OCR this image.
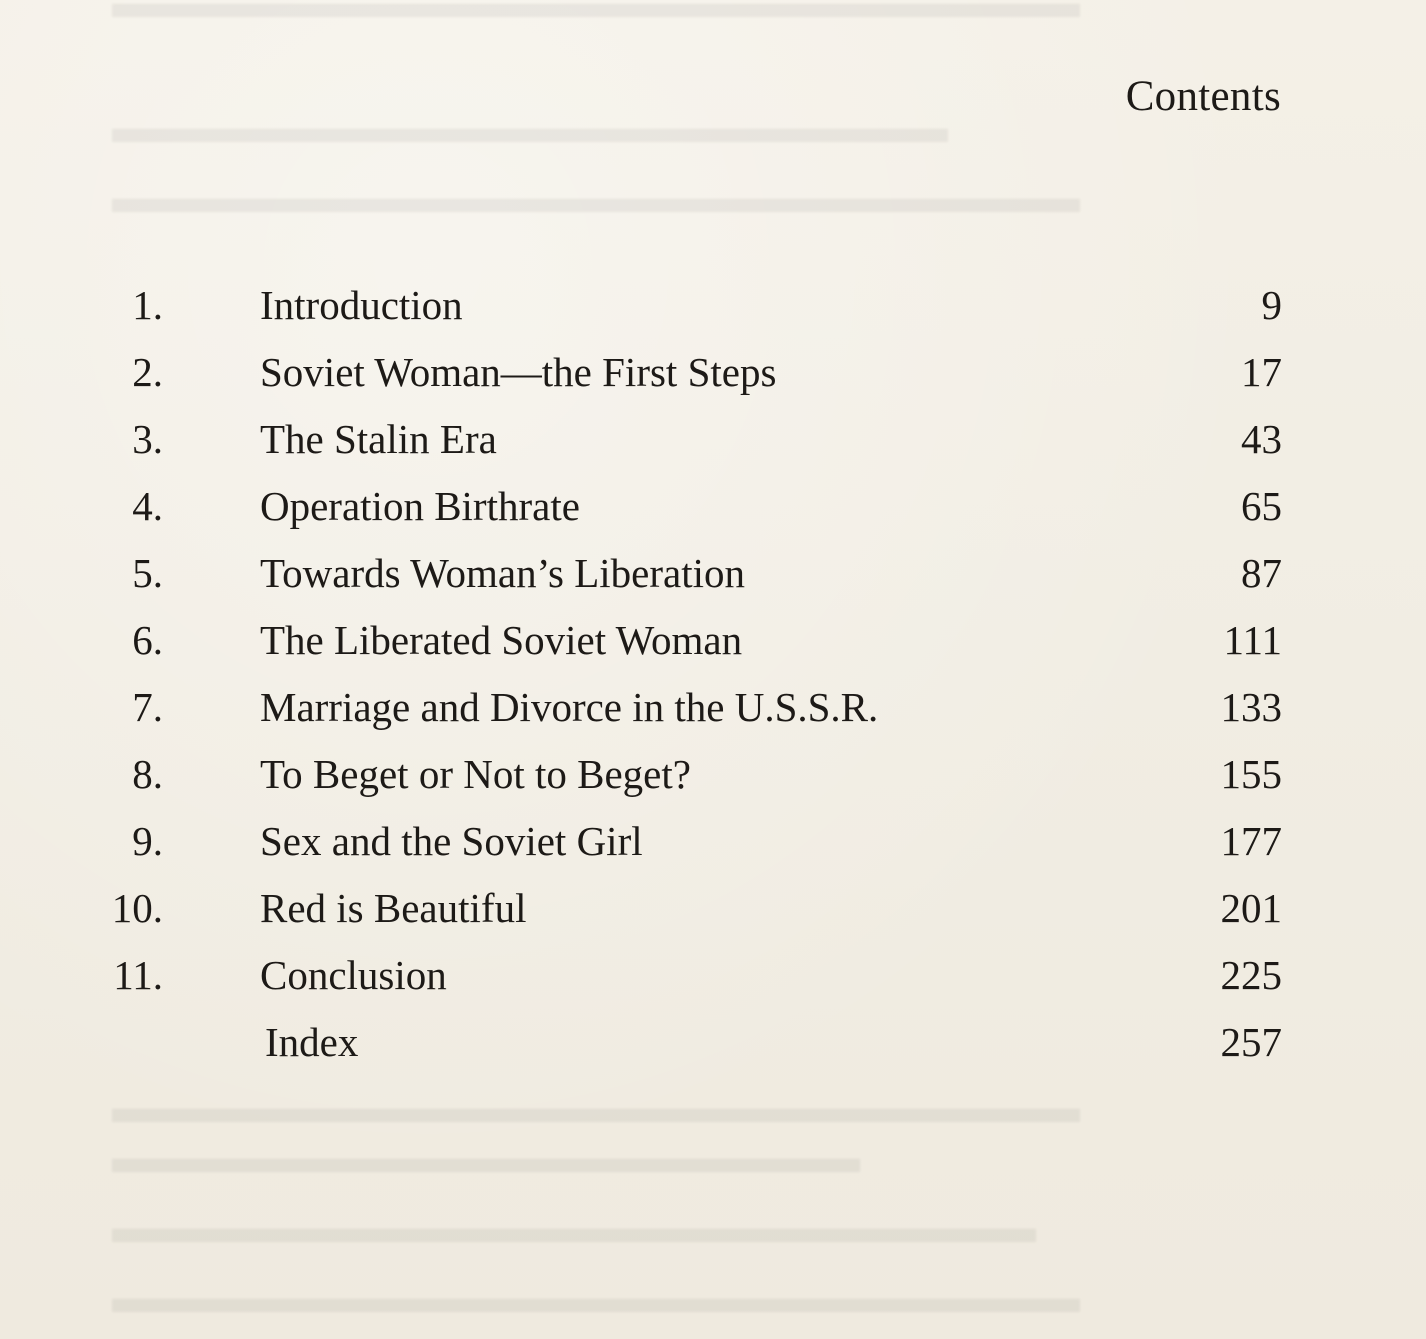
▬▬▬▬▬▬▬▬▬▬▬▬▬▬▬▬▬▬▬▬▬▬
▬▬▬▬▬▬▬▬▬▬▬▬▬▬▬▬▬▬▬
▬▬▬▬▬▬▬▬▬▬▬▬▬▬▬▬▬▬▬▬▬▬
▬▬▬▬▬▬▬▬▬▬▬▬▬▬▬▬▬▬▬▬▬▬
▬▬▬▬▬▬▬▬▬▬▬▬▬▬▬▬▬
▬▬▬▬▬▬▬▬▬▬▬▬▬▬▬▬▬▬▬▬▬
▬▬▬▬▬▬▬▬▬▬▬▬▬▬▬▬▬▬▬▬▬▬
Contents
1. Introduction	9
2. Soviet Woman—the First Steps	17
3. The Stalin Era	43
4. Operation Birthrate	65
5. Towards Woman’s Liberation	87
6. The Liberated Soviet Woman	111
7. Marriage and Divorce in the U.S.S.R.	133
8. To Beget or Not to Beget?	155
9. Sex and the Soviet Girl	177
10. Red is Beautiful	201
11. Conclusion	225
Index	257
